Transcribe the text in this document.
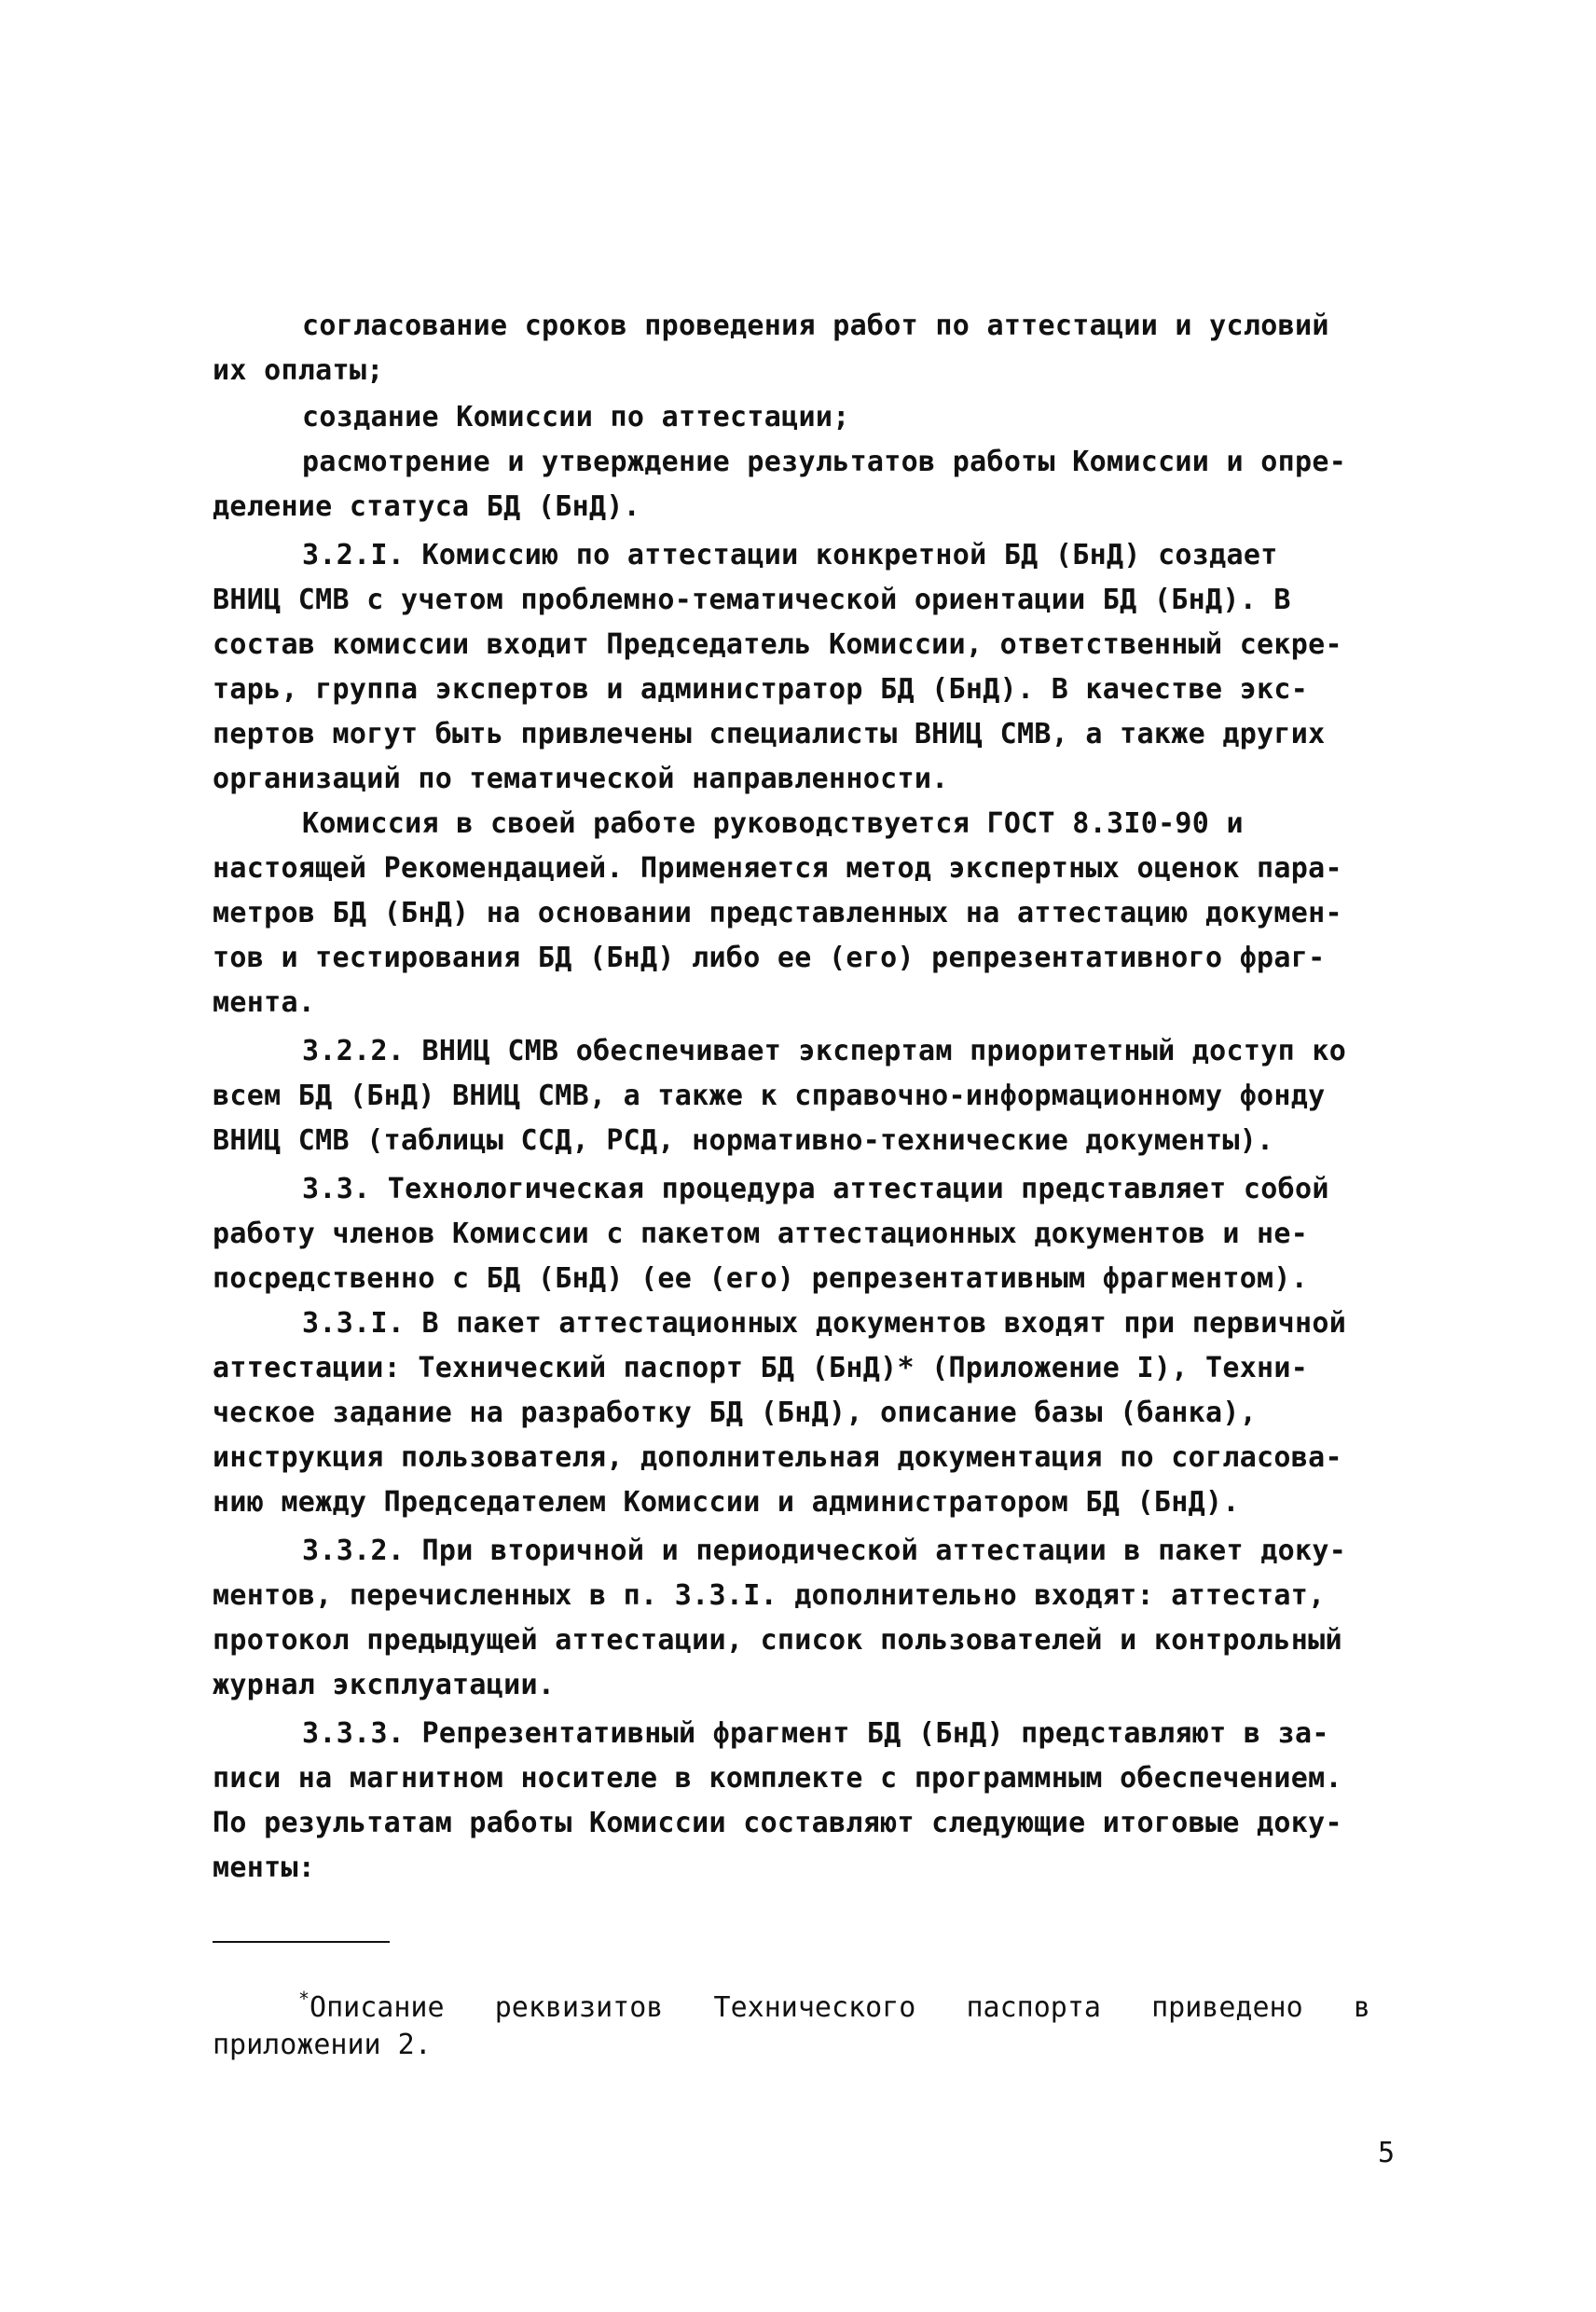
согласование сроков проведения работ по аттестации и условий

их оплаты;

создание Комиссии по аттестации;

расмотрение и утверждение результатов работы Комиссии и опре-

деление статуса БД (БнД).

3.2.I. Комиссию по аттестации конкретной БД (БнД) создает

ВНИЦ СМВ с учетом проблемно-тематической ориентации БД (БнД). В

состав комиссии входит Председатель Комиссии, ответственный секре-

тарь, группа экспертов и администратор БД (БнД). В качестве экс-

пертов могут быть привлечены специалисты ВНИЦ СМВ, а также других

организаций по тематической направленности.

Комиссия в своей работе руководствуется ГОСТ 8.3I0-90 и

настоящей Рекомендацией. Применяется метод экспертных оценок пара-

метров БД (БнД) на основании представленных на аттестацию докумен-

тов и тестирования БД (БнД) либо ее (его) репрезентативного фраг-

мента.

3.2.2. ВНИЦ СМВ обеспечивает экспертам приоритетный доступ ко

всем БД (БнД) ВНИЦ СМВ, а также к справочно-информационному фонду

ВНИЦ СМВ (таблицы ССД, РСД, нормативно-технические документы).

3.3. Технологическая процедура аттестации представляет собой

работу членов Комиссии с пакетом аттестационных документов и не-

посредственно с БД (БнД) (ее (его) репрезентативным фрагментом).

3.3.I. В пакет аттестационных документов входят при первичной

аттестации: Технический паспорт БД (БнД)* (Приложение I), Техни-

ческое задание на разработку БД (БнД), описание базы (банка),

инструкция пользователя, дополнительная документация по согласова-

нию между Председателем Комиссии и администратором БД (БнД).

3.3.2. При вторичной и периодической аттестации в пакет доку-

ментов, перечисленных в п. 3.3.I. дополнительно входят: аттестат,

протокол предыдущей аттестации, список пользователей и контрольный

журнал эксплуатации.

3.3.3. Репрезентативный фрагмент БД (БнД) представляют в за-

писи на магнитном носителе в комплекте с программным обеспечением.

По результатам работы Комиссии составляют следующие итоговые доку-

менты:

*Описание   реквизитов   Технического   паспорта   приведено   в

приложении 2.

5
